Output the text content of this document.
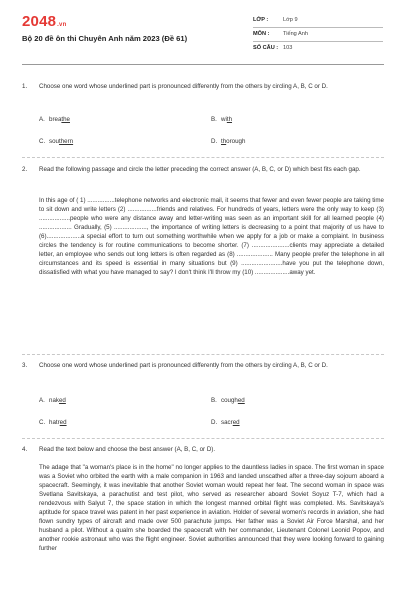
2048.vn
Bộ 20 đề ôn thi Chuyên Anh năm 2023 (Đề 61)
LỚP :	Lớp 9
MÔN : Tiếng Anh
SỐ CÂU : 103
1. Choose one word whose underlined part is pronounced differently from the others by circling A, B, C or D.
A. breathe	B. with
C. southern	D. thorough
2. Read the following passage and circle the letter preceding the correct answer (A, B, C, or D) which best fits each gap.

In this age of ( 1) ................telephone networks and electronic mail, it seems that fewer and even fewer people are taking time to sit down and write letters (2) .................friends and relatives. For hundreds of years, letters were the only way to keep (3) ..................people who were any distance away and letter-writing was seen as an important skill for all learned people (4) ................... Gradually, (5) ..................., the importance of writing letters is decreasing to a point that majority of us have to (6)....................a special effort to turn out something worthwhile when we apply for a job or make a complaint. In business circles the tendency is for routine communications to become shorter. (7) ......................clients may appreciate a detailed letter, an employee who sends out long letters is often regarded as (8) ..................... Many people prefer the telephone in all circumstances and its speed is essential in many situations but (9) ........................have you put the telephone down, dissatisfied with what you have managed to say? I don't think I'll throw my (10) ....................away yet.

3. Choose one word whose underlined part is pronounced differently from the others by circling A, B, C or D.
A. naked	B. coughed
C. hatred	D. sacred
4. Read the text below and choose the best answer (A, B, C, or D).

The adage that "a woman's place is in the home" no longer applies to the dauntless ladies in space. The first woman in space was a Soviet who orbited the earth with a male companion in 1963 and landed unscathed after a three-day sojourn aboard a spacecraft. Seemingly, it was inevitable that another Soviet woman would repeat her feat. The second woman in space was Svetlana Savitskaya, a parachutist and test pilot, who served as researcher aboard Soviet Soyuz T-7, which had a rendezvous with Salyut 7, the space station in which the longest manned orbital flight was completed. Ms. Savitskaya's aptitude for space travel was patent in her past experience in aviation. Holder of several women's records in aviation, she had flown sundry types of aircraft and made over 500 parachute jumps. Her father was a Soviet Air Force Marshal, and her husband a pilot. Without a qualm she boarded the spacecraft with her commander, Lieutenant Colonel Leonid Popov, and another rookie astronaut who was the flight engineer. Soviet authorities announced that they were looking forward to gaining further
